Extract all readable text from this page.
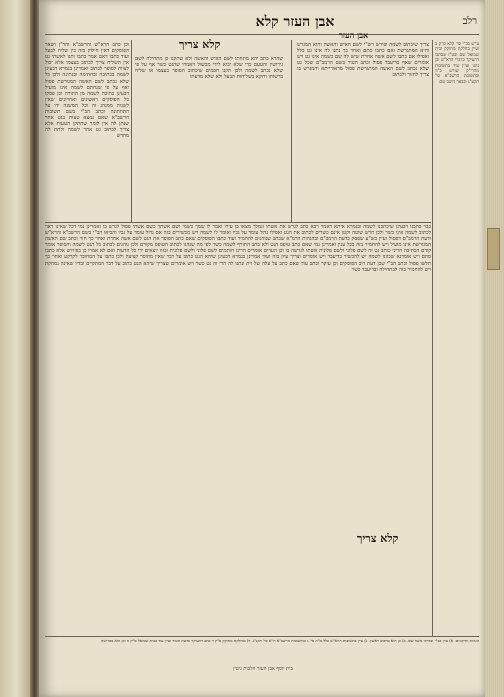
אבן העזר קלא	רלב
קלא צריך
אבן העזר
וכן כתב הרא"ש והרשב"א והר"ן ושאר הפוסקים דאין חילוק בזה בין שליח לבעל ועוד כתבו דאם אמר כתבו ותנו לאשתי גט אין השליח צריך לכתוב בעצמו אלא יכול לצוות לסופר לכתוב ואמרינן בגמרא דבעינן לשמה בכתיבה ובחתימה ובנתינה ולכן כל שלא נכתב לשם האשה המגורשת פסול ואף על פי שנחתם לשמה אינו מועיל דבעינן כתיבה לשמה מן התורה וכן פסקו כל הפוסקים ראשונים ואחרונים שאין לשנות ממנהג זה וכל המשנה ידו על התחתונה וכתב הב"י בשם תשובות הרשב"א שאם נמצא טעות בגט אחר שנתן לה אין לומר שתתקן הטעות אלא צריך לכתוב גט אחר לשמה ולתת לה מחדש
שהדא כתב יהא מתחתו לשם האיש והאשה ולא שתקנו כן מתחילה לשם גירושין והטעם כדי שלא יבוא לידי מכשול ויאמרו שהגט כשר אף על פי שלא נכתב לשמה ולכן תקנו חכמים שיכתוב הסופר בעצמו או שליח ברשותו ודוקא בשליחות הבעל ולא שלא מדעתו
צריך שיכתוב לשמה ופירש רש"י לשם האיש והאשה והוא המגרש והיא המתגרשת ואם כתבו סתם ואחר כך נתנו לה אינו גט כלל ואפילו אם כתבו לשם אשה אחרת שיש לה שם כשמה אינו גט ויש אומרים שאף בדיעבד פסול וכתב הטור בשם הרמב"ם שכל גט שלא נכתב לשם האשה המתגרשת פסול מדאורייתא והמגרש בו צריך לחזור ולכתוב
ע"ש בב"י סי' קלא ס"ק ב ועיין בחלקת מחוקק ובית שמואל שם ובט"ז שכתבו דהעיקר כדברי הרא"ש וכן נהגו ועיין עוד בתשובות מהרי"ק שורש כ"ה ובתשובת הרשב"א סי' תקע"ג ובבאר היטב שם
כבר כתבנו דבעינן שיכתבנו לשמה ובגמרא איתא דאמר רבא כתב לגרש את אשתו ונמלך מצאו בן עירו ואמר לו שמך כשמי ושם אשתך כשם אשתי פסול לגרש בו ואמרינן נמי דכל שאינו ראוי לכתוב לשמה אינו כשר ולכן חרש שוטה וקטן אינם כשרים לכתוב את הגט ואפילו גדול עומד על גביו ואומר לו לשמה ויש מכשירים בזה אם גדול עומד על גביו והביאו הב"י בשם הרשב"א והרא"ש ודעת הרמב"ם דפסול ועיין בש"ע שפסק כדעת הרמב"ם ובהגהות הרמ"א שכתב שנוהגים להחמיר ועוד כתבו הפוסקים שאם כתב הסופר את הגט לשם אשה אחרת ואחר כך חזר וכתב שם האשה המגורשת אינו מועיל ויש להחמיר בזה בכל ענין ואמרינן נמי שאם כתב טופס הגט ולא כתב התורף לשמה כשר לפי מה שנהגו לכתוב הטופס מקודם ולכן נוהגים לכתוב כל הגט לשמה והסופר אומר קודם הכתיבה הריני כותב גט זה לשם פלוני ולשם פלונית אשתו לגרשה בו וכן העדים אומרים הרינו חותמים לשם פלוני ולשם פלונית ובזה יוצאים ידי כל הדעות ואם לא אמרו כן בפירוש אלא כתבו סתם ויש אומדנא שכוונו לשמה יש להכשיר בדיעבד ויש אוסרים וצריך עיון בזה ועוד אמרינן בגמרא דבעינן שיהא הגט כתוב על דבר שאין מחוסר קציצה ולכן כתבו על המחובר לקרקע ואחר כך תלשו פסול וכתב הב"י שכן דעת רוב הפוסקים וכן עיקר וכתב עוד שאם כתב על עלה של זית ונתנו לה הרי זה גט כשר ויש אומרים שצריך שיהא הגט כתוב על דבר המתקיים ובדיו שאינה נמחקת ויש להחמיר בזה לכתחילה ובדיעבד כשר
קלא צריך
הגהות ותיקונים: א) עיין בב"י ובדרכי משה שם. ב) כן הוא בדפוס ראשון. ג) עיין בתשובות הרא"ש כלל מ"ה סי' ג ובתשובות הרשב"א ח"א סי' תקנ"ג. ד) ובחלקת מחוקק ס"ק ד כתב דהעיקר כדעת הטור ועיין עוד בבית שמואל ס"ק ה וכן הוא בפרישה
בית יוסף אבן העזר הלכות גיטין
